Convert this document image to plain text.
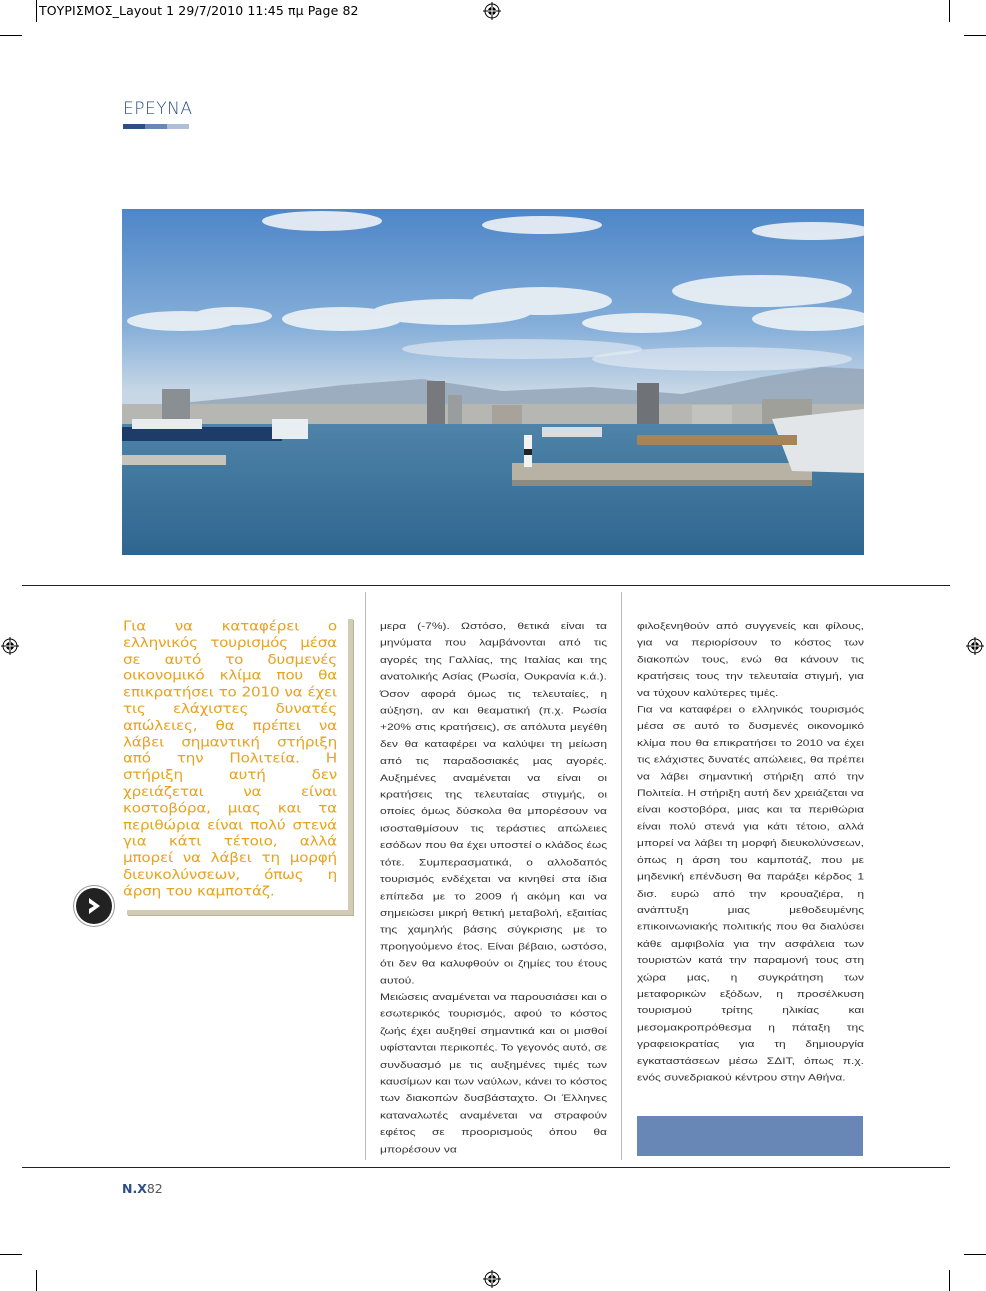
ΤΟΥΡΙΣΜΟΣ_Layout 1 29/7/2010 11:45 πμ Page 82
ΕΡΕΥΝΑ
Για να καταφέρει ο ελληνικός τουρισμός μέσα σε αυτό το δυσμενές οικονομικό κλίμα που θα επικρατήσει το 2010 να έχει τις ελάχιστες δυνατές απώλειες, θα πρέπει να λάβει σημαντική στήριξη από την Πολιτεία. Η στήριξη αυτή δεν χρειάζεται να είναι κοστοβόρα, μιας και τα περιθώρια είναι πολύ στενά για κάτι τέτοιο, αλλά μπορεί να λάβει τη μορφή διευκολύνσεων, όπως η άρση του καμποτάζ.

μερα (-7%). Ωστόσο, θετικά είναι τα μηνύματα που λαμβάνονται από τις αγορές της Γαλλίας, της Ιταλίας και της ανατολικής Ασίας (Ρωσία, Ουκρανία κ.ά.). Όσον αφορά όμως τις τελευταίες, η αύξηση, αν και θεαματική (π.χ. Ρωσία +20% στις κρατήσεις), σε απόλυτα μεγέθη δεν θα καταφέρει να καλύψει τη μείωση από τις παραδοσιακές μας αγορές. Αυξημένες αναμένεται να είναι οι κρατήσεις της τελευταίας στιγμής, οι οποίες όμως δύσκολα θα μπορέσουν να ισοσταθμίσουν τις τεράστιες απώλειες εσόδων που θα έχει υποστεί ο κλάδος έως τότε. Συμπερασματικά, ο αλλοδαπός τουρισμός ενδέχεται να κινηθεί στα ίδια επίπεδα με το 2009 ή ακόμη και να σημειώσει μικρή θετική μεταβολή, εξαιτίας της χαμηλής βάσης σύγκρισης με το προηγούμενο έτος. Είναι βέβαιο, ωστόσο, ότι δεν θα καλυφθούν οι ζημίες του έτους αυτού.

Μειώσεις αναμένεται να παρουσιάσει και ο εσωτερικός τουρισμός, αφού το κόστος ζωής έχει αυξηθεί σημαντικά και οι μισθοί υφίστανται περικοπές. Το γεγονός αυτό, σε συνδυασμό με τις αυξημένες τιμές των καυσίμων και των ναύλων, κάνει το κόστος των διακοπών δυσβάσταχτο. Οι Έλληνες καταναλωτές αναμένεται να στραφούν εφέτος σε προορισμούς όπου θα μπορέσουν να

φιλοξενηθούν από συγγενείς και φίλους, για να περιορίσουν το κόστος των διακοπών τους, ενώ θα κάνουν τις κρατήσεις τους την τελευταία στιγμή, για να τύχουν καλύτερες τιμές.

Για να καταφέρει ο ελληνικός τουρισμός μέσα σε αυτό το δυσμενές οικονομικό κλίμα που θα επικρατήσει το 2010 να έχει τις ελάχιστες δυνατές απώλειες, θα πρέπει να λάβει σημαντική στήριξη από την Πολιτεία. Η στήριξη αυτή δεν χρειάζεται να είναι κοστοβόρα, μιας και τα περιθώρια είναι πολύ στενά για κάτι τέτοιο, αλλά μπορεί να λάβει τη μορφή διευκολύνσεων, όπως η άρση του καμποτάζ, που με μηδενική επένδυση θα παράξει κέρδος 1 δισ. ευρώ από την κρουαζιέρα, η ανάπτυξη μιας μεθοδευμένης επικοινωνιακής πολιτικής που θα διαλύσει κάθε αμφιβολία για την ασφάλεια των τουριστών κατά την παραμονή τους στη χώρα μας, η συγκράτηση των μεταφορικών εξόδων, η προσέλκυση τουρισμού τρίτης ηλικίας και μεσομακροπρόθεσμα η πάταξη της γραφειοκρατίας για τη δημιουργία εγκαταστάσεων μέσω ΣΔΙΤ, όπως π.χ. ενός συνεδριακού κέντρου στην Αθήνα.

Ν.Χ82
